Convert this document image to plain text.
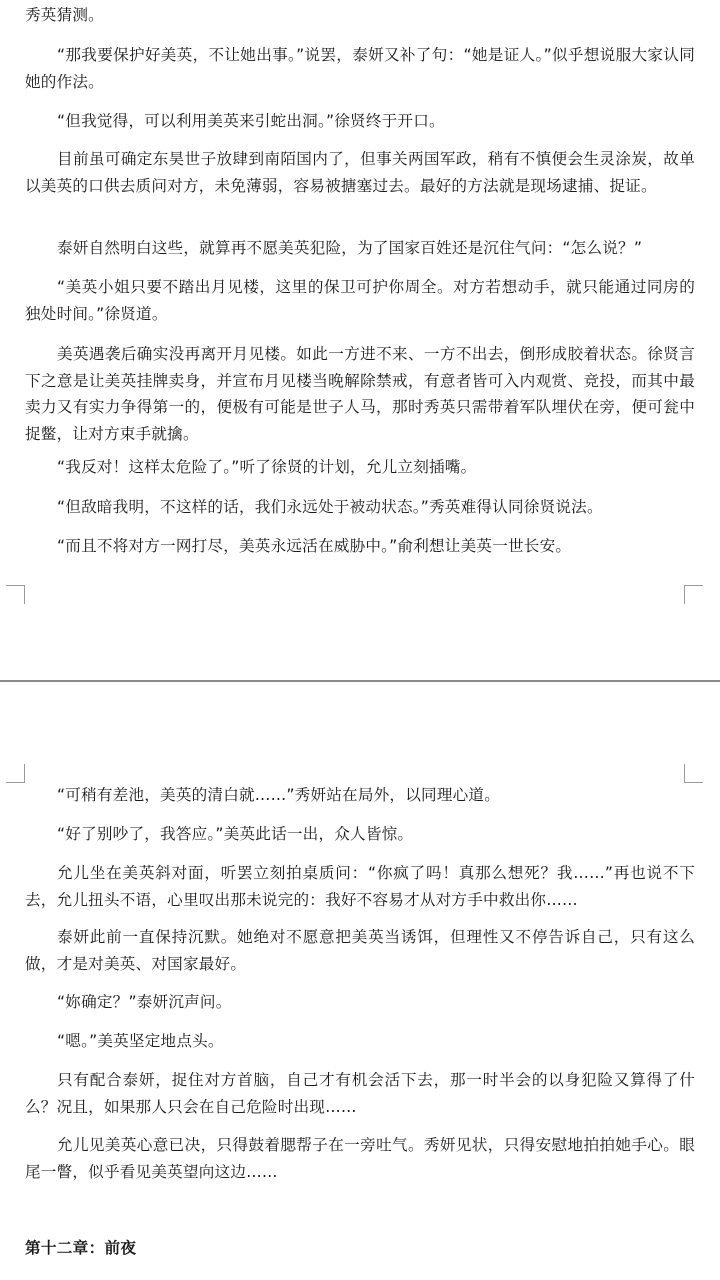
秀英猜测。

“那我要保护好美英，不让她出事。”说罢，泰妍又补了句：“她是证人。”似乎想说服大家认同她的作法。

“但我觉得，可以利用美英来引蛇出洞。”徐贤终于开口。

目前虽可确定东昊世子放肆到南陌国内了，但事关两国军政，稍有不慎便会生灵涂炭，故单以美英的口供去质问对方，未免薄弱，容易被搪塞过去。最好的方法就是现场逮捕、捉证。

泰妍自然明白这些，就算再不愿美英犯险，为了国家百姓还是沉住气问：“怎么说？”

“美英小姐只要不踏出月见楼，这里的保卫可护你周全。对方若想动手，就只能通过同房的独处时间。”徐贤道。

美英遇袭后确实没再离开月见楼。如此一方进不来、一方不出去，倒形成胶着状态。徐贤言下之意是让美英挂牌卖身，并宣布月见楼当晚解除禁戒，有意者皆可入内观赏、竞投，而其中最卖力又有实力争得第一的，便极有可能是世子人马，那时秀英只需带着军队埋伏在旁，便可瓮中捉鳖，让对方束手就擒。

“我反对！这样太危险了。”听了徐贤的计划，允儿立刻插嘴。

“但敌暗我明，不这样的话，我们永远处于被动状态。”秀英难得认同徐贤说法。

“而且不将对方一网打尽，美英永远活在威胁中。”俞利想让美英一世长安。

“可稍有差池，美英的清白就……”秀妍站在局外，以同理心道。

“好了别吵了，我答应。”美英此话一出，众人皆惊。

允儿坐在美英斜对面，听罢立刻拍桌质问：“你疯了吗！真那么想死？我……”再也说不下去，允儿扭头不语，心里叹出那未说完的：我好不容易才从对方手中救出你……

泰妍此前一直保持沉默。她绝对不愿意把美英当诱饵，但理性又不停告诉自己，只有这么做，才是对美英、对国家最好。

“妳确定？”泰妍沉声问。

“嗯。”美英坚定地点头。

只有配合泰妍，捉住对方首脑，自己才有机会活下去，那一时半会的以身犯险又算得了什么？况且，如果那人只会在自己危险时出现……

允儿见美英心意已决，只得鼓着腮帮子在一旁吐气。秀妍见状，只得安慰地拍拍她手心。眼尾一瞥，似乎看见美英望向这边……

第十二章：前夜
